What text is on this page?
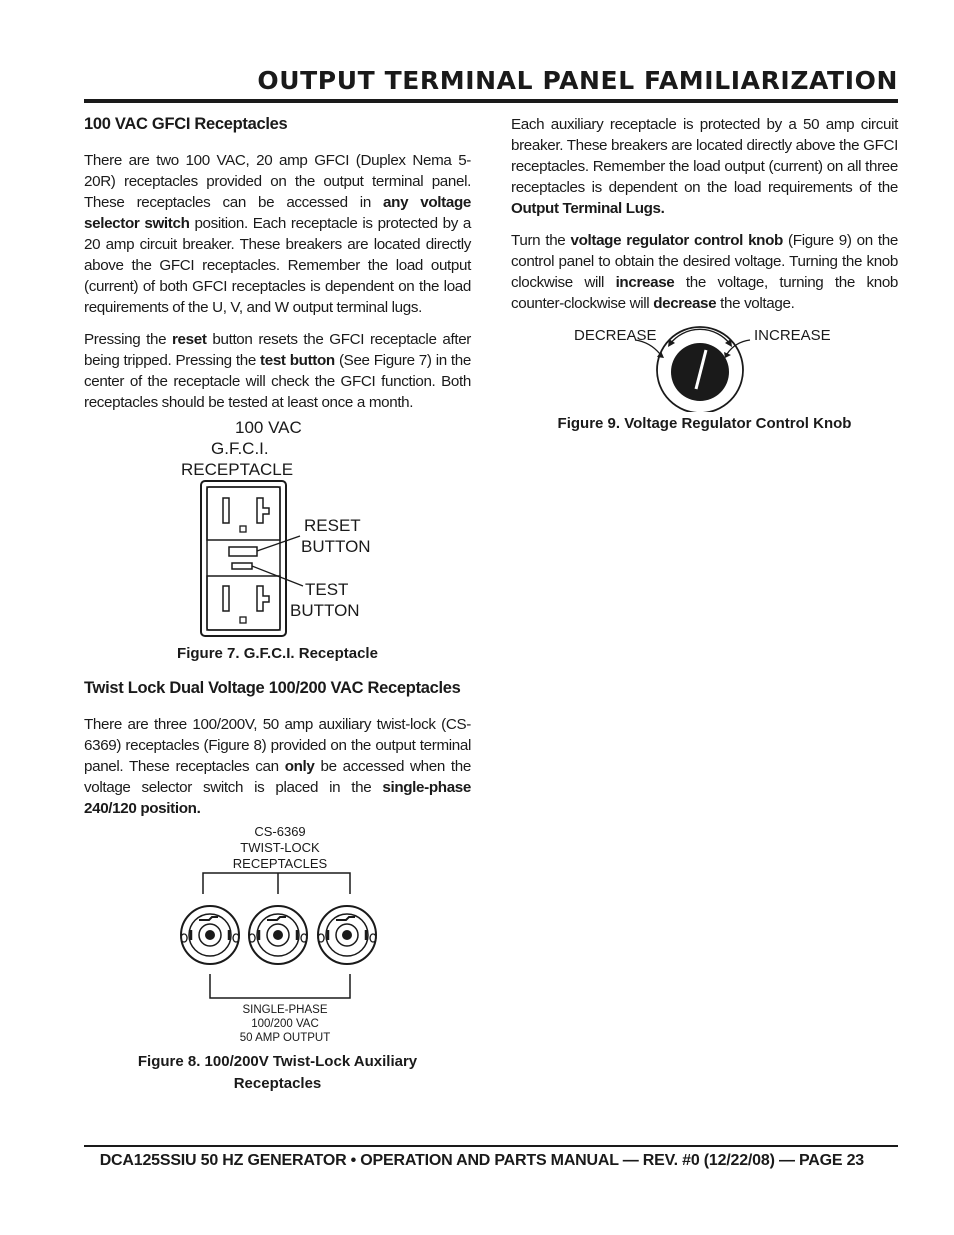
OUTPUT TERMINAL PANEL FAMILIARIZATION
100 VAC GFCI Receptacles

There are two 100 VAC, 20 amp GFCI (Duplex Nema 5-20R) receptacles provided on the output terminal panel. These receptacles can be accessed in any voltage selector switch position. Each receptacle is protected by a 20 amp circuit breaker. These breakers are located directly above the GFCI receptacles. Remember the load output (current) of both GFCI receptacles is dependent on the load requirements of the U, V, and W output terminal lugs.

Pressing the reset button resets the GFCI receptacle after being tripped. Pressing the test button (See Figure 7) in the center of the receptacle will check the GFCI function. Both receptacles should be tested at least once a month.

100 VAC
G.F.C.I.
RECEPTACLE
RESET
BUTTON
TEST
BUTTON
Figure 7. G.F.C.I. Receptacle
Twist Lock Dual Voltage 100/200 VAC Receptacles

There are three 100/200V, 50 amp auxiliary twist-lock (CS-6369) receptacles (Figure 8) provided on the output terminal panel. These receptacles can only be accessed when the voltage selector switch is placed in the single-phase 240/120 position.

CS-6369
TWIST-LOCK
RECEPTACLES
SINGLE-PHASE
100/200 VAC
50 AMP OUTPUT
Figure 8. 100/200V Twist-Lock Auxiliary
Receptacles

Each auxiliary receptacle is protected by a 50 amp circuit breaker. These breakers are located directly above the GFCI receptacles. Remember the load output (current) on all three receptacles is dependent on the load requirements of the Output Terminal Lugs.

Turn the voltage regulator control knob (Figure 9) on the control panel to obtain the desired voltage. Turning the knob clockwise will increase the voltage, turning the knob counter-clockwise will decrease the voltage.

DECREASE	INCREASE
Figure 9. Voltage Regulator Control Knob
DCA125SSIU 50 HZ GENERATOR • OPERATION AND PARTS MANUAL — REV. #0 (12/22/08) — PAGE 23
